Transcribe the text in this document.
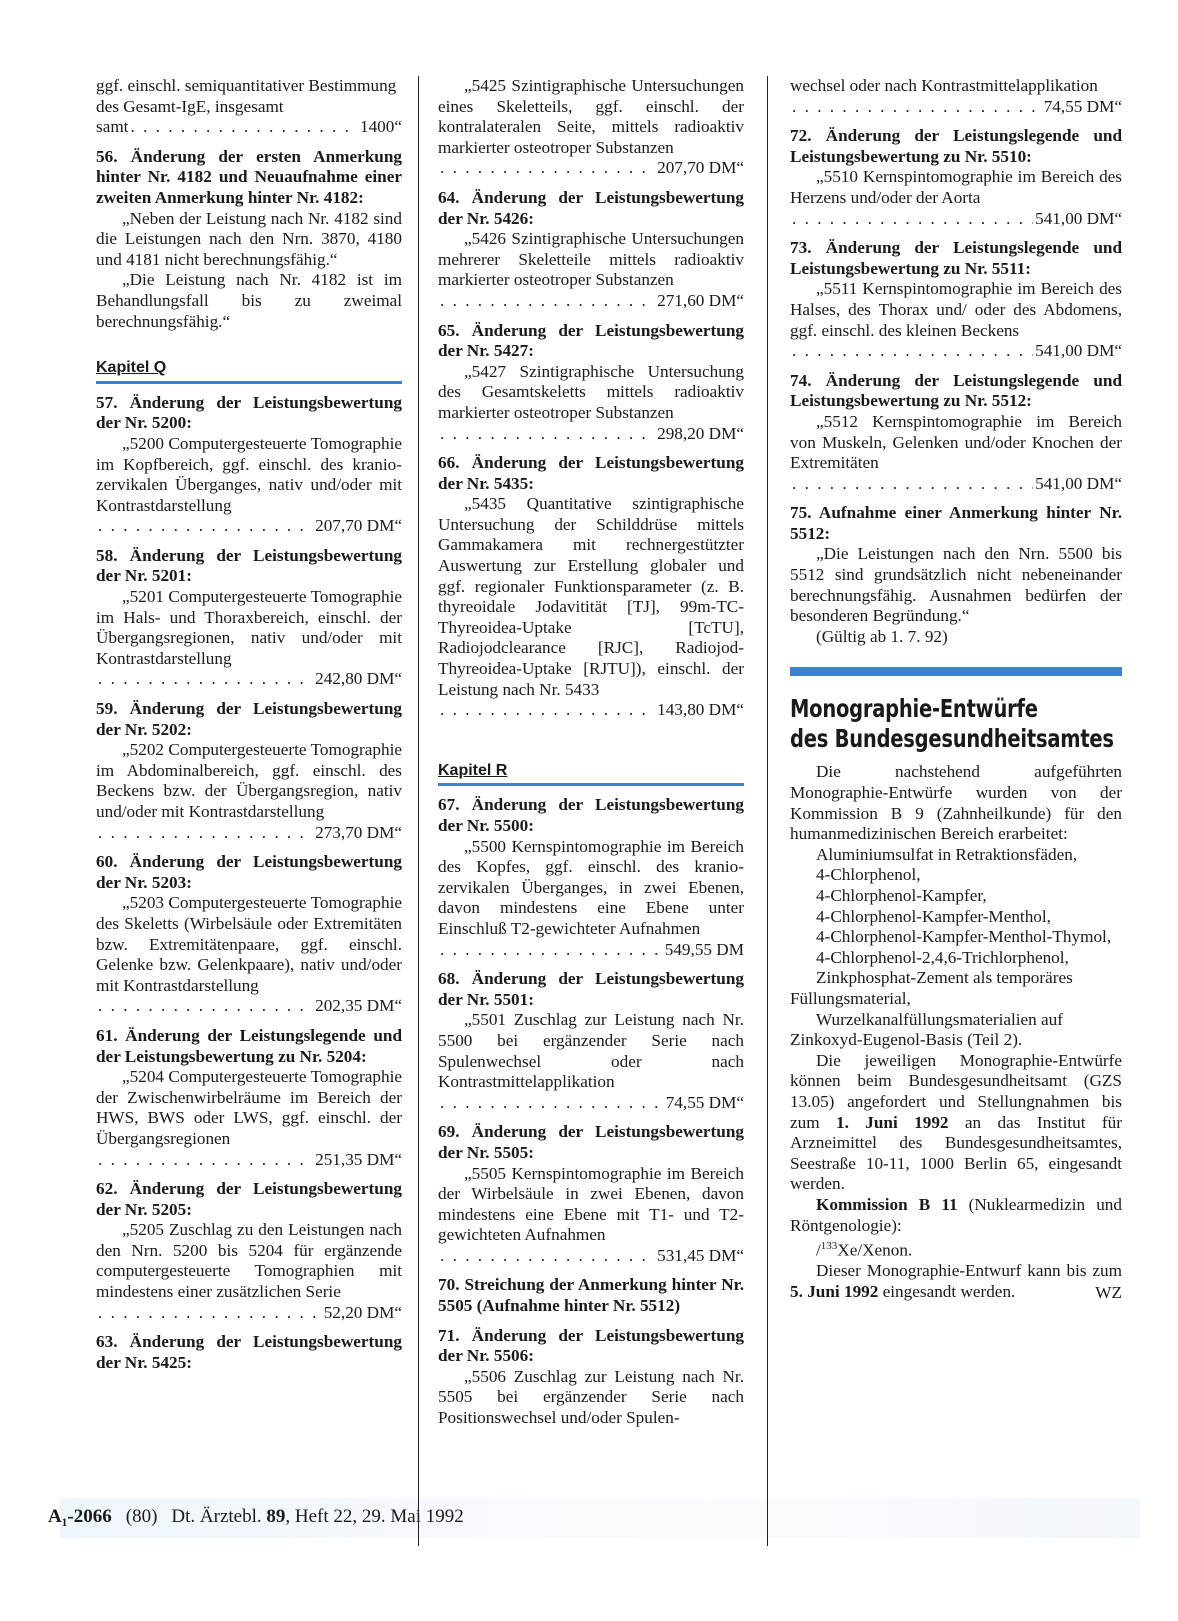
ggf. einschl. semiquantitativer Bestimmung des Gesamt-IgE, insgesamt
samt
. . .	1400“

56. Änderung der ersten Anmerkung hinter Nr. 4182 und Neuaufnahme einer zweiten Anmerkung hinter Nr. 4182:

„Neben der Leistung nach Nr. 4182 sind die Leistungen nach den Nrn. 3870, 4180 und 4181 nicht berechnungsfähig.“

„Die Leistung nach Nr. 4182 ist im Behandlungsfall bis zu zweimal berechnungsfähig.“

Kapitel Q

57. Änderung der Leistungsbewertung der Nr. 5200:

„5200 Computergesteuerte Tomographie im Kopfbereich, ggf. einschl. des kranio-zervikalen Überganges, nativ und/oder mit Kontrastdarstellung

. . .
207,70 DM“

58. Änderung der Leistungsbewertung der Nr. 5201:

„5201 Computergesteuerte Tomographie im Hals- und Thoraxbereich, einschl. der Übergangsregionen, nativ und/oder mit Kontrastdarstellung

. . .
242,80 DM“

59. Änderung der Leistungsbewertung der Nr. 5202:

„5202 Computergesteuerte Tomographie im Abdominalbereich, ggf. einschl. des Beckens bzw. der Übergangsregion, nativ und/oder mit Kontrastdarstellung

. . .
273,70 DM“

60. Änderung der Leistungsbewertung der Nr. 5203:

„5203 Computergesteuerte Tomographie des Skeletts (Wirbelsäule oder Extremitäten bzw. Extremitätenpaare, ggf. einschl. Gelenke bzw. Gelenkpaare), nativ und/oder mit Kontrastdarstellung

. . .
202,35 DM“

61. Änderung der Leistungslegende und der Leistungsbewertung zu Nr. 5204:

„5204 Computergesteuerte Tomographie der Zwischenwirbelräume im Bereich der HWS, BWS oder LWS, ggf. einschl. der Übergangsregionen

. . .
251,35 DM“

62. Änderung der Leistungsbewertung der Nr. 5205:

„5205 Zuschlag zu den Leistungen nach den Nrn. 5200 bis 5204 für ergänzende computergesteuerte Tomographien mit mindestens einer zusätzlichen Serie

. . .
52,20 DM“

63. Änderung der Leistungsbewertung der Nr. 5425:

„5425 Szintigraphische Untersuchungen eines Skeletteils, ggf. einschl. der kontralateralen Seite, mittels radioaktiv markierter osteotroper Substanzen

. . .
207,70 DM“

64. Änderung der Leistungsbewertung der Nr. 5426:

„5426 Szintigraphische Untersuchungen mehrerer Skeletteile mittels radioaktiv markierter osteotroper Substanzen

. . .
271,60 DM“

65. Änderung der Leistungsbewertung der Nr. 5427:

„5427 Szintigraphische Untersuchung des Gesamtskeletts mittels radioaktiv markierter osteotroper Substanzen

. . .
298,20 DM“

66. Änderung der Leistungsbewertung der Nr. 5435:

„5435 Quantitative szintigraphische Untersuchung der Schilddrüse mittels Gammakamera mit rechnergestützter Auswertung zur Erstellung globaler und ggf. regionaler Funktionsparameter (z. B. thyreoidale Jodavitität [TJ], 99m-TC-Thyreoidea-Uptake [TcTU], Radiojodclearance [RJC], Radiojod-Thyreoidea-Uptake [RJTU]), einschl. der Leistung nach Nr. 5433

. . .
143,80 DM“
Kapitel R

67. Änderung der Leistungsbewertung der Nr. 5500:

„5500 Kernspintomographie im Bereich des Kopfes, ggf. einschl. des kranio-zervikalen Überganges, in zwei Ebenen, davon mindestens eine Ebene unter Einschluß T2-gewichteter Aufnahmen

. . .
549,55 DM

68. Änderung der Leistungsbewertung der Nr. 5501:

„5501 Zuschlag zur Leistung nach Nr. 5500 bei ergänzender Serie nach Spulenwechsel oder nach Kontrastmittelapplikation

. . .
74,55 DM“

69. Änderung der Leistungsbewertung der Nr. 5505:

„5505 Kernspintomographie im Bereich der Wirbelsäule in zwei Ebenen, davon mindestens eine Ebene mit T1- und T2-gewichteten Aufnahmen

. . .
531,45 DM“

70. Streichung der Anmerkung hinter Nr. 5505 (Aufnahme hinter Nr. 5512)

71. Änderung der Leistungsbewertung der Nr. 5506:

„5506 Zuschlag zur Leistung nach Nr. 5505 bei ergänzender Serie nach Positionswechsel und/oder Spulen-

wechsel oder nach Kontrastmittelapplikation

. . .
74,55 DM“

72. Änderung der Leistungslegende und Leistungsbewertung zu Nr. 5510:

„5510 Kernspintomographie im Bereich des Herzens und/oder der Aorta

. . .
541,00 DM“

73. Änderung der Leistungslegende und Leistungsbewertung zu Nr. 5511:

„5511 Kernspintomographie im Bereich des Halses, des Thorax und/ oder des Abdomens, ggf. einschl. des kleinen Beckens

. . .
541,00 DM“

74. Änderung der Leistungslegende und Leistungsbewertung zu Nr. 5512:

„5512 Kernspintomographie im Bereich von Muskeln, Gelenken und/oder Knochen der Extremitäten

. . .
541,00 DM“

75. Aufnahme einer Anmerkung hinter Nr. 5512:

„Die Leistungen nach den Nrn. 5500 bis 5512 sind grundsätzlich nicht nebeneinander berechnungsfähig. Ausnahmen bedürfen der besonderen Begründung.“

(Gültig ab 1. 7. 92)

Monographie-Entwürfe
des Bundesgesundheitsamtes

Die nachstehend aufgeführten Monographie-Entwürfe wurden von der Kommission B 9 (Zahnheilkunde) für den humanmedizinischen Bereich erarbeitet:

Aluminiumsulfat in Retraktionsfäden,

4-Chlorphenol,

4-Chlorphenol-Kampfer,

4-Chlorphenol-Kampfer-Menthol,

4-Chlorphenol-Kampfer-Menthol-Thymol,

4-Chlorphenol-2,4,6-Trichlorphenol,

Zinkphosphat-Zement als temporäres Füllungsmaterial,

Wurzelkanalfüllungsmaterialien auf Zinkoxyd-Eugenol-Basis (Teil 2).

Die jeweiligen Monographie-Entwürfe können beim Bundesgesundheitsamt (GZS 13.05) angefordert und Stellungnahmen bis zum 1. Juni 1992 an das Institut für Arzneimittel des Bundesgesundheitsamtes, Seestraße 10-11, 1000 Berlin 65, eingesandt werden.

Kommission B 11 (Nuklearmedizin und Röntgenologie):

/$^{133}$Xe/Xenon.

Dieser Monographie-Entwurf kann bis zum 5. Juni 1992 eingesandt werden.	WZ

A₁-2066 (80) Dt. Ärztebl. 89, Heft 22, 29. Mai 1992
